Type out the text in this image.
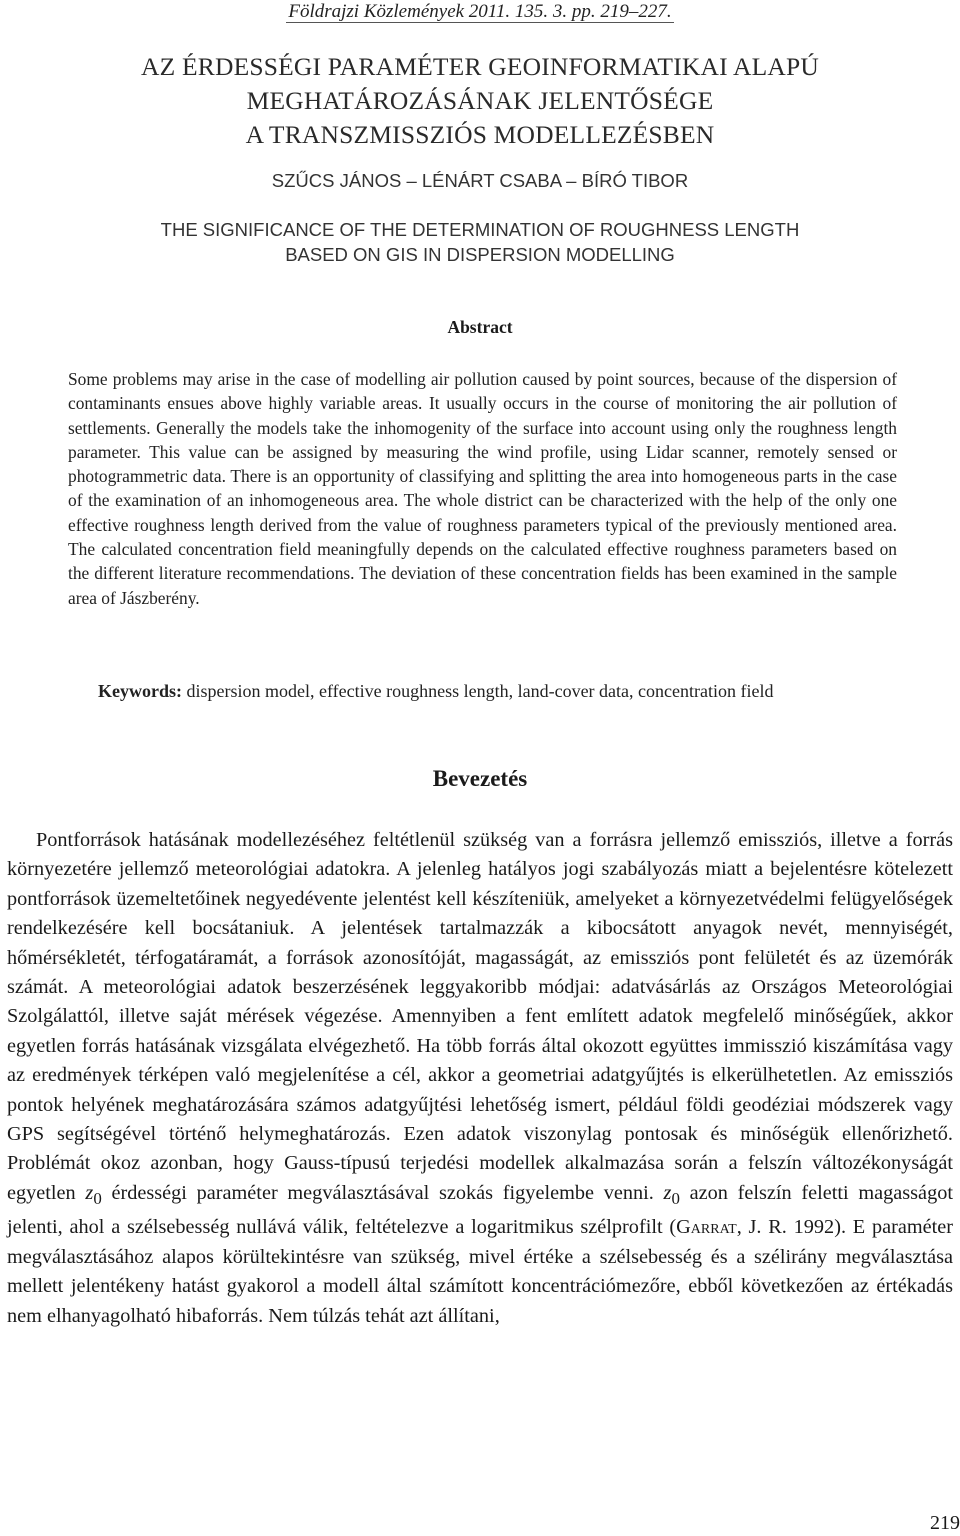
Földrajzi Közlemények 2011. 135. 3. pp. 219–227.
AZ ÉRDESSÉGI PARAMÉTER GEOINFORMATIKAI ALAPÚ
MEGHATÁROZÁSÁNAK JELENTŐSÉGE
A TRANSZMISSZIÓS MODELLEZÉSBEN
SZŰCS JÁNOS – LÉNÁRT CSABA – BÍRÓ TIBOR
THE SIGNIFICANCE OF THE DETERMINATION OF ROUGHNESS LENGTH
BASED ON GIS IN DISPERSION MODELLING
Abstract

Some problems may arise in the case of modelling air pollution caused by point sources, because of the dispersion of contaminants ensues above highly variable areas. It usually occurs in the course of monitoring the air pollution of settlements. Generally the models take the inhomogenity of the surface into account using only the roughness length parameter. This value can be assigned by measuring the wind profile, using Lidar scanner, remotely sensed or photogrammetric data. There is an opportunity of classifying and splitting the area into homogeneous parts in the case of the examination of an inhomogeneous area. The whole district can be characterized with the help of the only one effective roughness length derived from the value of roughness parameters typical of the previously mentioned area. The calculated concentration field meaningfully depends on the calculated effective roughness parameters based on the different literature recommendations. The deviation of these concentration fields has been examined in the sample area of Jászberény.

Keywords: dispersion model, effective roughness length, land-cover data, concentration field
Bevezetés

Pontforrások hatásának modellezéséhez feltétlenül szükség van a forrásra jellemző emissziós, illetve a forrás környezetére jellemző meteorológiai adatokra. A jelenleg hatályos jogi szabályozás miatt a bejelentésre kötelezett pontforrások üzemeltetőinek negyedévente jelentést kell készíteniük, amelyeket a környezetvédelmi felügyelőségek rendelkezésére kell bocsátaniuk. A jelentések tartalmazzák a kibocsátott anyagok nevét, mennyiségét, hőmérsékletét, térfogatáramát, a források azonosítóját, magasságát, az emissziós pont felületét és az üzemórák számát. A meteorológiai adatok beszerzésének leggyakoribb módjai: adatvásárlás az Országos Meteorológiai Szolgálattól, illetve saját mérések végezése. Amennyiben a fent említett adatok megfelelő minőségűek, akkor egyetlen forrás hatásának vizsgálata elvégezhető. Ha több forrás által okozott együttes immisszió kiszámítása vagy az eredmények térképen való megjelenítése a cél, akkor a geometriai adatgyűjtés is elkerülhetetlen. Az emissziós pontok helyének meghatározására számos adatgyűjtési lehetőség ismert, például földi geodéziai módszerek vagy GPS segítségével történő helymeghatározás. Ezen adatok viszonylag pontosak és minőségük ellenőrizhető. Problémát okoz azonban, hogy Gauss-típusú terjedési modellek alkalmazása során a felszín változékonyságát egyetlen $z_0$ érdességi paraméter megválasztásával szokás figyelembe venni. $z_0$ azon felszín feletti magasságot jelenti, ahol a szélsebesség nullává válik, feltételezve a logaritmikus szélprofilt (Garrat, J. R. 1992). E paraméter megválasztásához alapos körültekintésre van szükség, mivel értéke a szélsebesség és a szélirány megválasztása mellett jelentékeny hatást gyakorol a modell által számított koncentrációmezőre, ebből következően az értékadás nem elhanyagolható hibaforrás. Nem túlzás tehát azt állítani,

219
